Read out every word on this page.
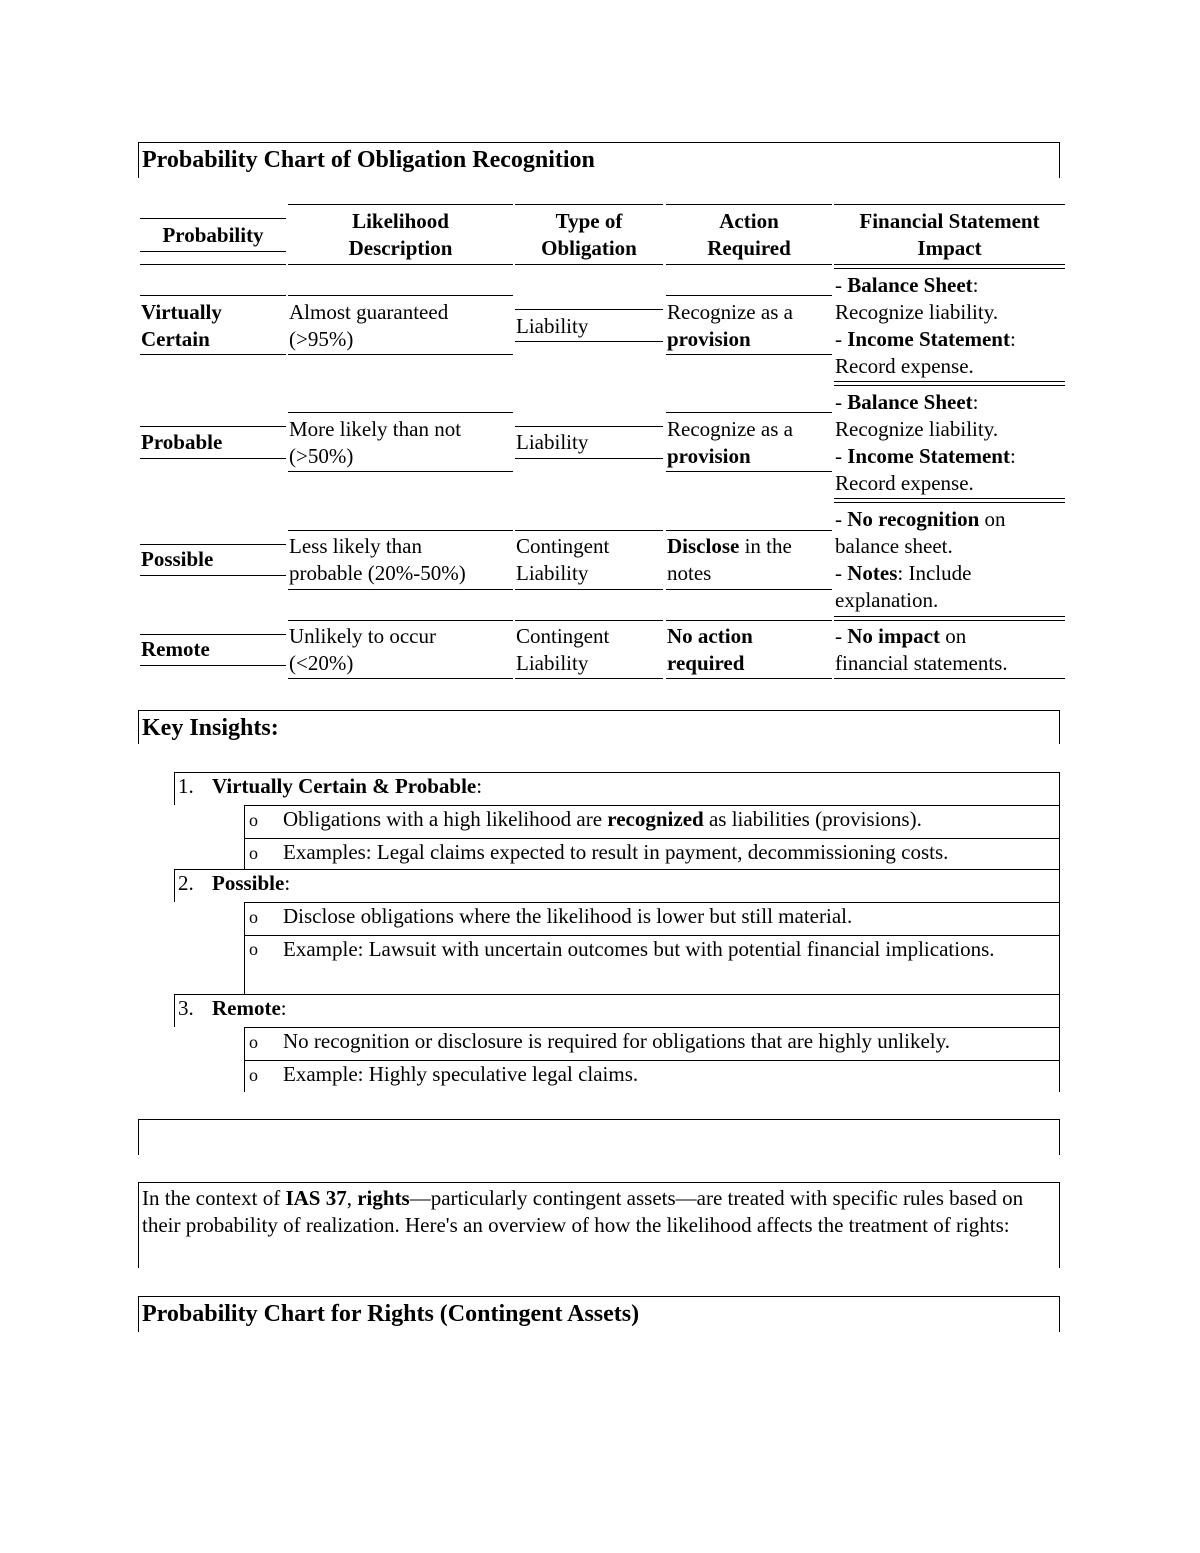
Probability Chart of Obligation Recognition
Probability
Likelihood
Description
Type of
Obligation
Action
Required
Financial Statement
Impact
Virtually
Certain
Almost guaranteed
(>95%)
Liability
Recognize as a
provision
- Balance Sheet:
Recognize liability.
- Income Statement:
Record expense.
Probable
More likely than not
(>50%)
Liability
Recognize as a
provision
- Balance Sheet:
Recognize liability.
- Income Statement:
Record expense.
Possible
Less likely than
probable (20%-50%)
Contingent
Liability
Disclose in the
notes
- No recognition on
balance sheet.
- Notes: Include
explanation.
Remote
Unlikely to occur
(<20%)
Contingent
Liability
No action
required
- No impact on
financial statements.
Key Insights:
1. Virtually Certain & Probable:
o Obligations with a high likelihood are recognized as liabilities (provisions).
o Examples: Legal claims expected to result in payment, decommissioning costs.
2. Possible:
o Disclose obligations where the likelihood is lower but still material.
o	Example: Lawsuit with uncertain outcomes but with potential financial implications.
3. Remote:
o No recognition or disclosure is required for obligations that are highly unlikely.
o Example: Highly speculative legal claims.
In the context of IAS 37, rights—particularly contingent assets—are treated with specific rules based on their probability of realization. Here's an overview of how the likelihood affects the treatment of rights:
Probability Chart for Rights (Contingent Assets)
